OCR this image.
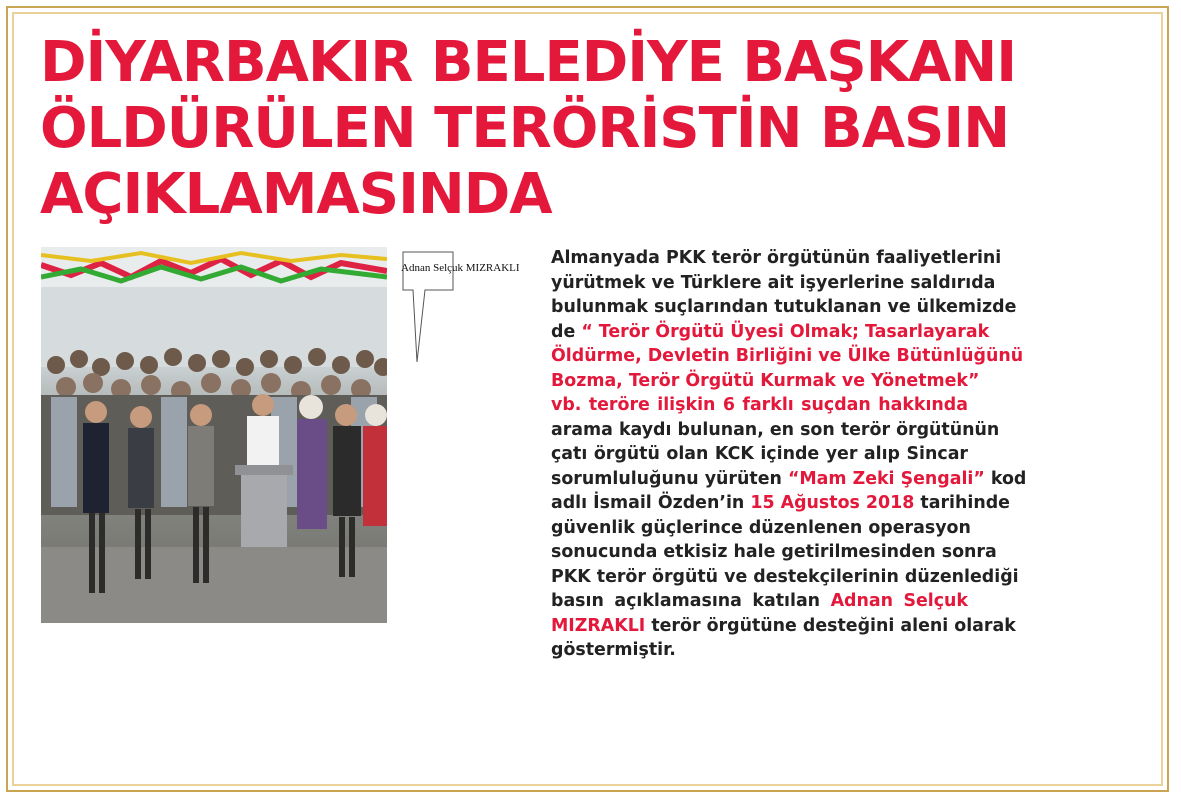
DİYARBAKIR BELEDİYE BAŞKANI
ÖLDÜRÜLEN TERÖRİSTİN BASIN
AÇIKLAMASINDA
Adnan Selçuk MIZRAKLI Almanyada PKK terör örgütünün faaliyetlerini
yürütmek ve Türklere ait işyerlerine saldırıda
bulunmak suçlarından tutuklanan ve ülkemizde
de “ Terör Örgütü Üyesi Olmak; Tasarlayarak
Öldürme, Devletin Birliğini ve Ülke Bütünlüğünü
Bozma, Terör Örgütü Kurmak ve Yönetmek”
vb. teröre ilişkin 6 farklı suçdan hakkında
arama kaydı bulunan, en son terör örgütünün
çatı örgütü olan KCK içinde yer alıp Sincar
sorumluluğunu yürüten “Mam Zeki Şengali” kod
adlı İsmail Özden’in 15 Ağustos 2018 tarihinde
güvenlik güçlerince düzenlenen operasyon
sonucunda etkisiz hale getirilmesinden sonra
PKK terör örgütü ve destekçilerinin düzenlediği
basın açıklamasına katılan Adnan Selçuk
MIZRAKLI terör örgütüne desteğini aleni olarak
göstermiştir.
